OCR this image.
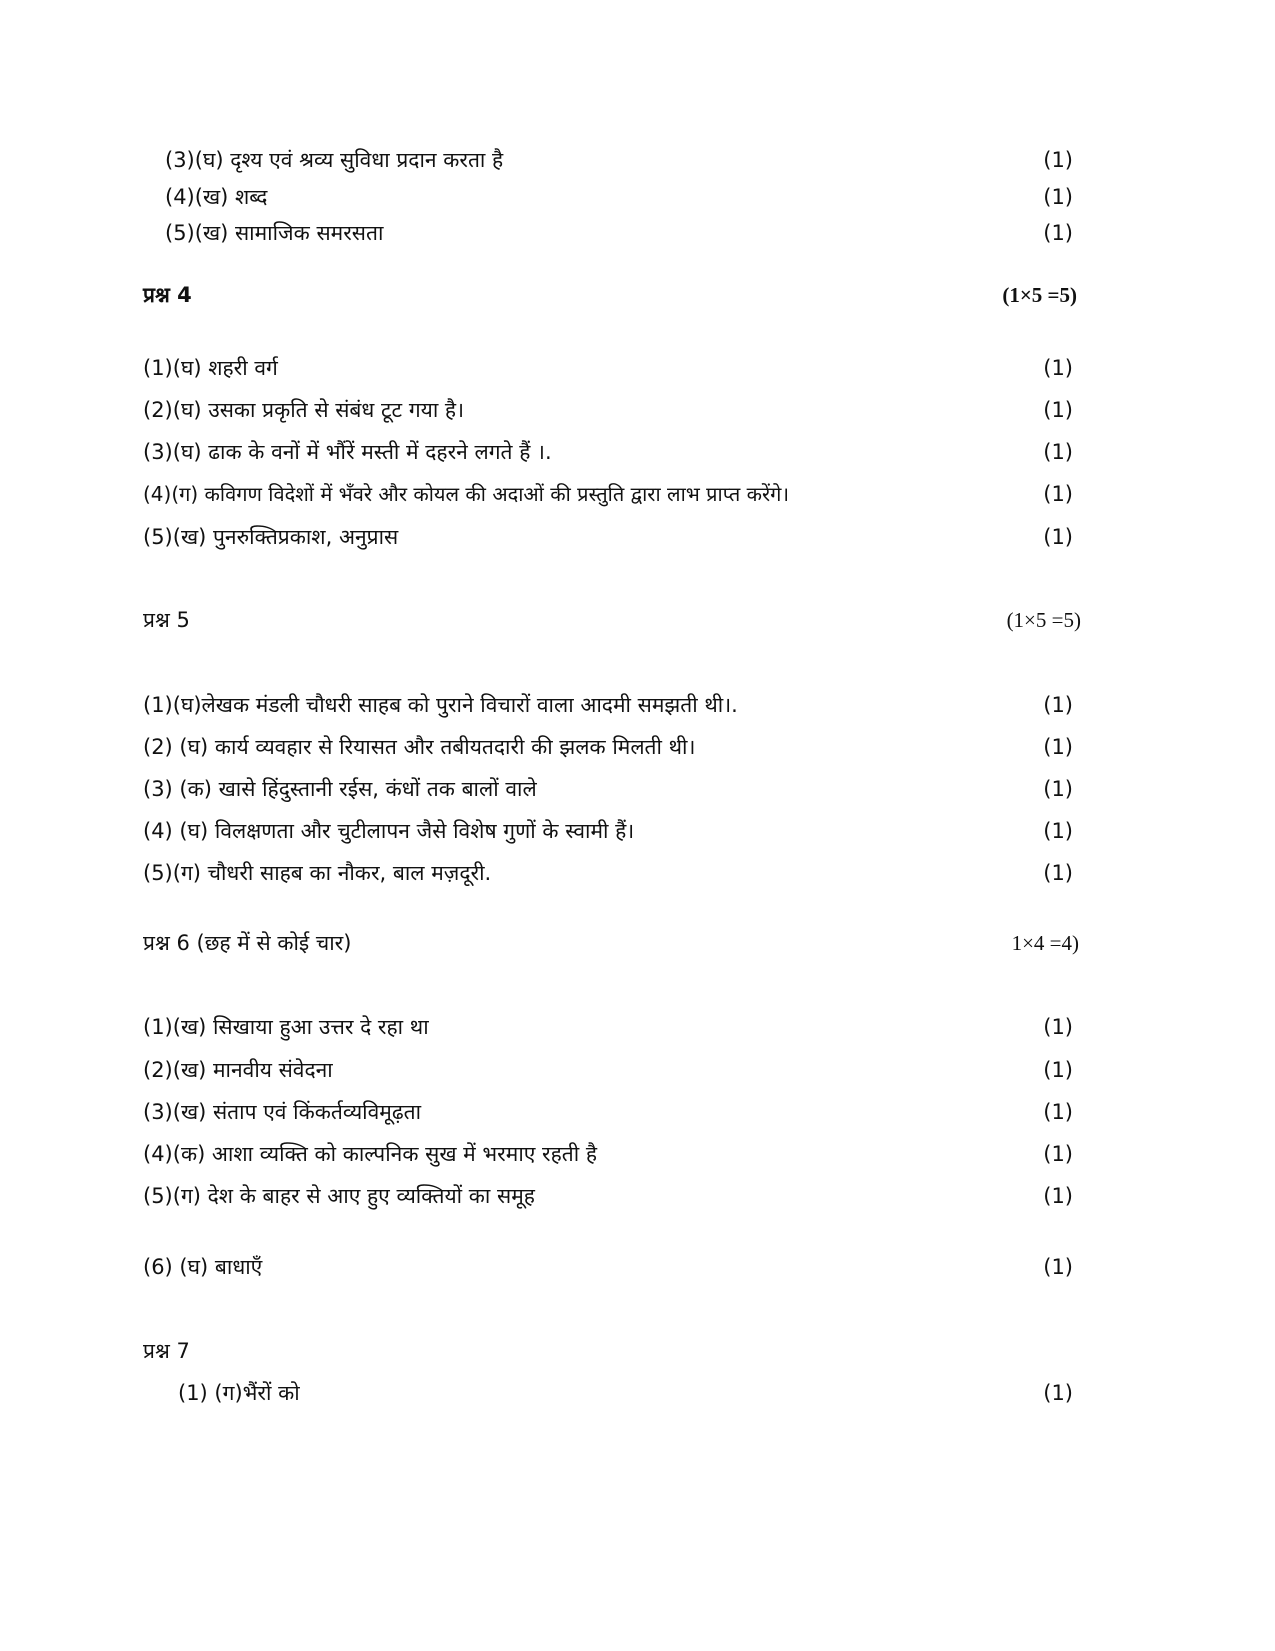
(3)(घ) दृश्य एवं श्रव्य सुविधा प्रदान करता है	(1)
(4)(ख) शब्द	(1)
(5)(ख) सामाजिक समरसता	(1)
प्रश्न 4	(1×5 =5)
(1)(घ) शहरी वर्ग	(1)
(2)(घ) उसका प्रकृति से संबंध टूट गया है।	(1)
(3)(घ) ढाक के वनों में भौंरें मस्ती में दहरने लगते हैं ।.	(1)
(4)(ग) कविगण विदेशों में भँवरे और कोयल की अदाओं की प्रस्तुति द्वारा लाभ प्राप्त करेंगे।	(1)
(5)(ख) पुनरुक्तिप्रकाश, अनुप्रास	(1)
प्रश्न 5	(1×5 =5)
(1)(घ)लेखक मंडली चौधरी साहब को पुराने विचारों वाला आदमी समझती थी।.	(1)
(2) (घ) कार्य व्यवहार से रियासत और तबीयतदारी की झलक मिलती थी।	(1)
(3) (क) खासे हिंदुस्तानी रईस, कंधों तक बालों वाले	(1)
(4) (घ) विलक्षणता और चुटीलापन जैसे विशेष गुणों के स्वामी हैं।	(1)
(5)(ग) चौधरी साहब का नौकर, बाल मज़दूरी.	(1)
प्रश्न 6 (छह में से कोई चार)	1×4 =4)
(1)(ख) सिखाया हुआ उत्तर दे रहा था	(1)
(2)(ख) मानवीय संवेदना	(1)
(3)(ख) संताप एवं किंकर्तव्यविमूढ़ता	(1)
(4)(क) आशा व्यक्ति को काल्पनिक सुख में भरमाए रहती है	(1)
(5)(ग) देश के बाहर से आए हुए व्यक्तियों का समूह	(1)
(6) (घ) बाधाएँ	(1)
प्रश्न 7
(1) (ग)भैंरों को	(1)
